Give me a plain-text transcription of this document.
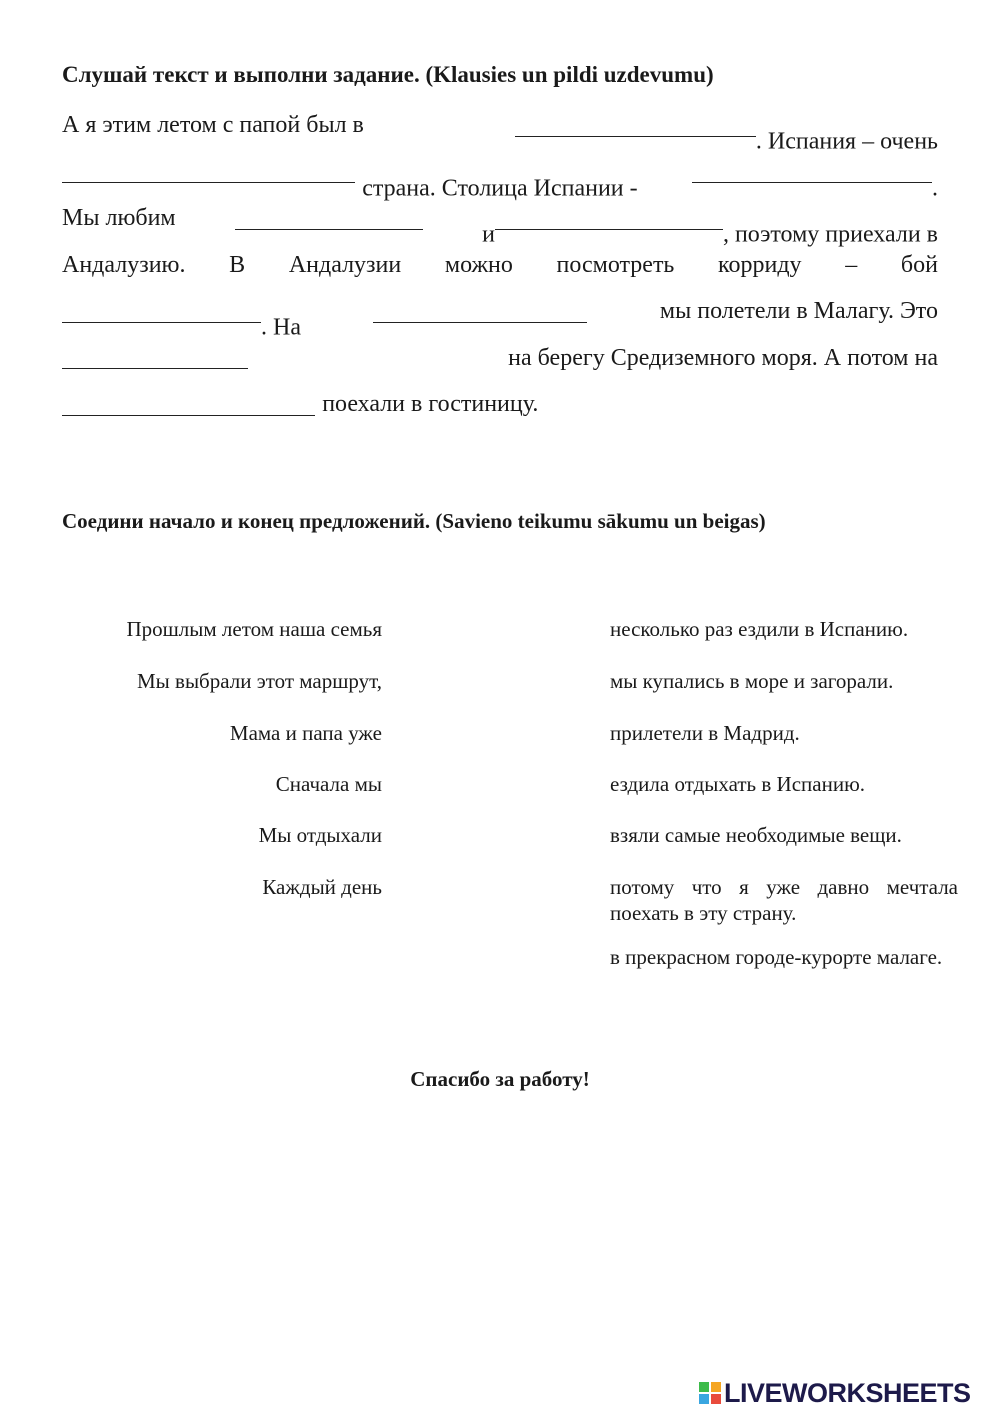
Слушай текст и выполни задание. (Klausies un pildi uzdevumu)

А я этим летом с папой был в
. Испания – очень
страна. Столица Испании -	.
Мы любим
и	, поэтому приехали в
Андалузию. В Андалузии можно посмотреть корриду – бой
. На
мы полетели в Малагу. Это
на берегу Средиземного моря. А потом на
поехали в гостиницу.

Соедини начало и конец предложений. (Savieno teikumu sākumu un beigas)

Прошлым летом наша семья
Мы выбрали этот маршрут,
Мама и папа уже
Сначала мы
Мы отдыхали
Каждый день
несколько раз ездили в Испанию.
мы купались в море и загорали.
прилетели в Мадрид.
ездила отдыхать в Испанию.
взяли самые необходимые вещи.
потому что я уже давно мечтала поехать в эту страну.
в прекрасном городе-курорте малаге.

Спасибо за работу!

LIVEWORKSHEETS
